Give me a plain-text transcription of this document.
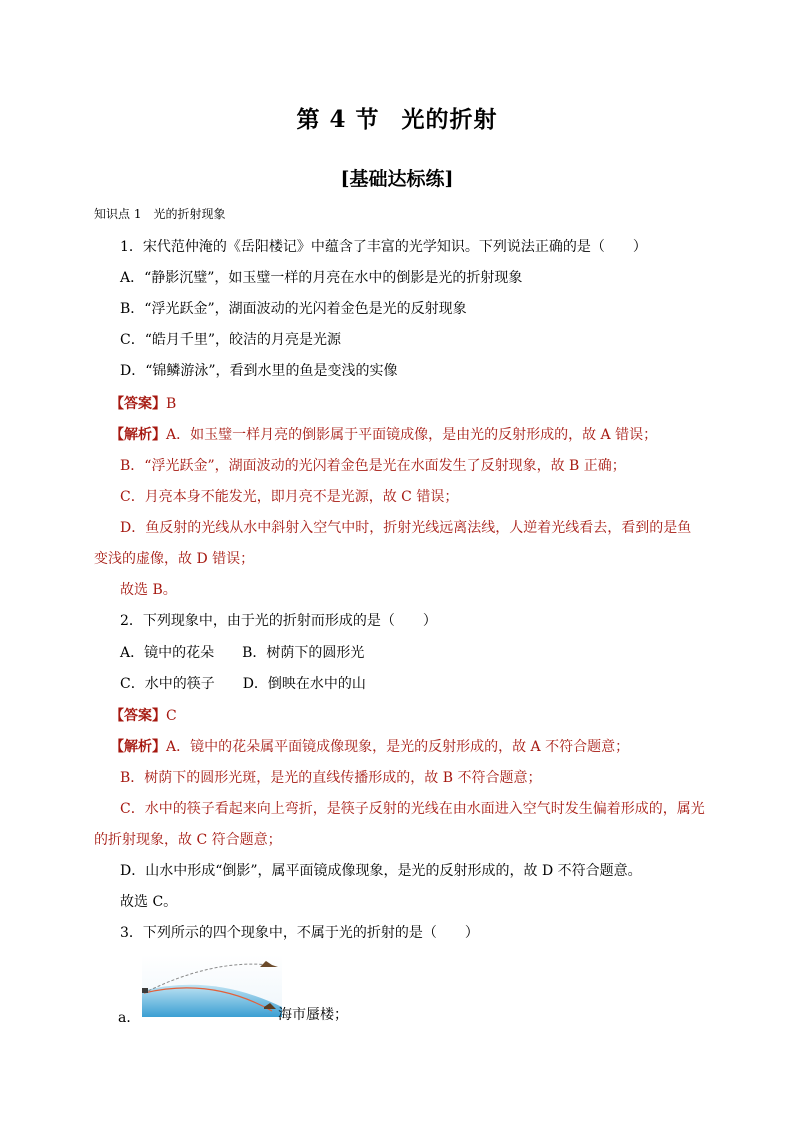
第 4 节 光的折射
[基础达标练]
知识点 1　光的折射现象
1．宋代范仲淹的《岳阳楼记》中蕴含了丰富的光学知识。下列说法正确的是（　　）
A．“静影沉璧”，如玉璧一样的月亮在水中的倒影是光的折射现象
B．“浮光跃金”，湖面波动的光闪着金色是光的反射现象
C．“皓月千里”，皎洁的月亮是光源
D．“锦鳞游泳”，看到水里的鱼是变浅的实像
【答案】B
【解析】A．如玉璧一样月亮的倒影属于平面镜成像，是由光的反射形成的，故 A 错误；
B．“浮光跃金”，湖面波动的光闪着金色是光在水面发生了反射现象，故 B 正确；
C．月亮本身不能发光，即月亮不是光源，故 C 错误；
D．鱼反射的光线从水中斜射入空气中时，折射光线远离法线，人逆着光线看去，看到的是鱼
变浅的虚像，故 D 错误；
故选 B。
2．下列现象中，由于光的折射而形成的是（　　）
A．镜中的花朵　　B．树荫下的圆形光
C．水中的筷子　　D．倒映在水中的山
【答案】C
【解析】A．镜中的花朵属平面镜成像现象，是光的反射形成的，故 A 不符合题意；
B．树荫下的圆形光斑，是光的直线传播形成的，故 B 不符合题意；
C．水中的筷子看起来向上弯折，是筷子反射的光线在由水面进入空气时发生偏着形成的，属光
的折射现象，故 C 符合题意；
D．山水中形成“倒影”，属平面镜成像现象，是光的反射形成的，故 D 不符合题意。
故选 C。
3．下列所示的四个现象中，不属于光的折射的是（　　）
a．	海市蜃楼；
